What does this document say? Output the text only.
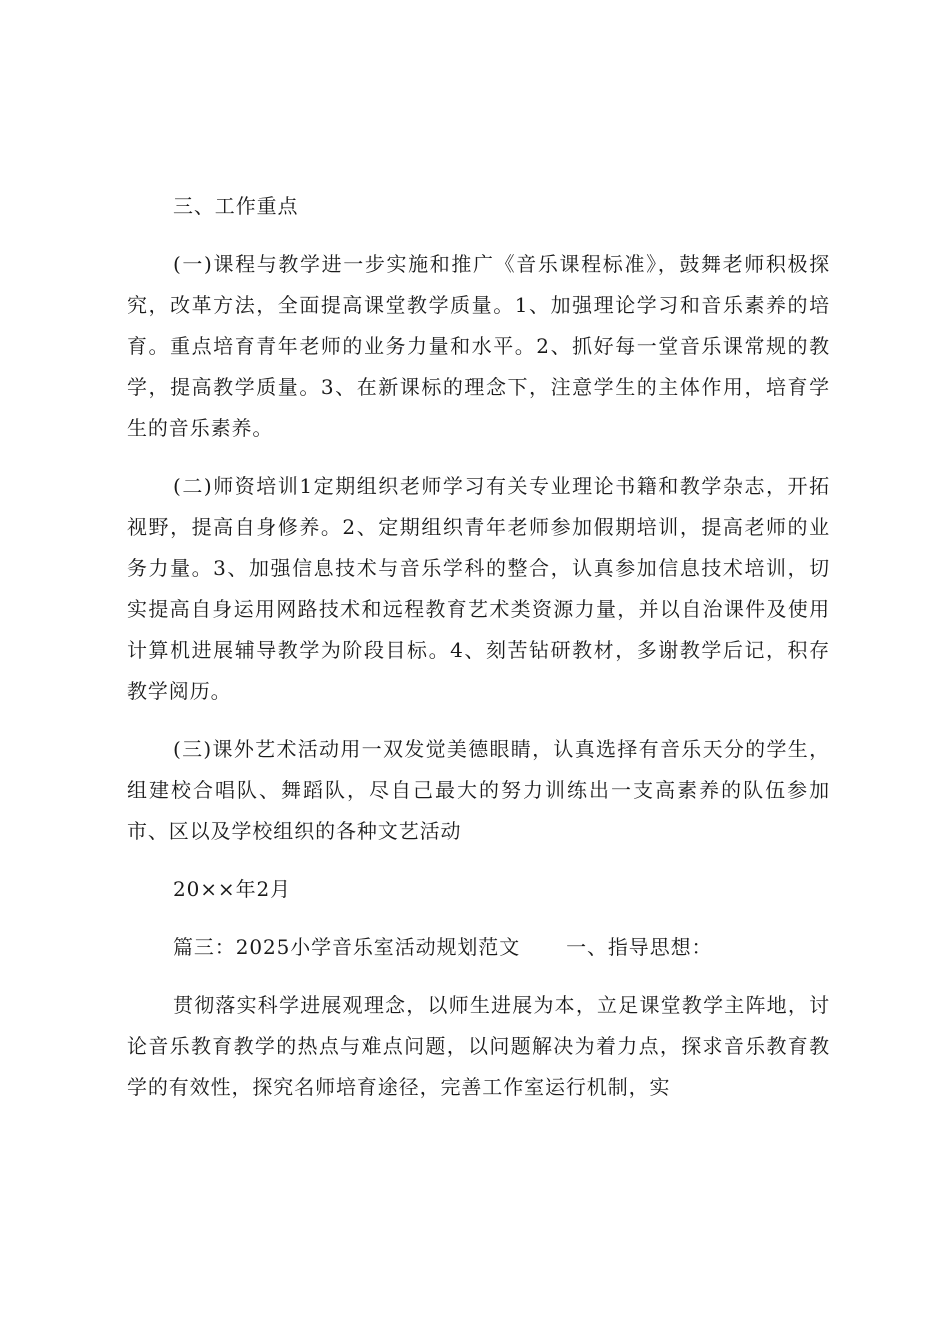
三、工作重点

(一)课程与教学进一步实施和推广《音乐课程标准》，鼓舞老师积极探究，改革方法，全面提高课堂教学质量。1、加强理论学习和音乐素养的培育。重点培育青年老师的业务力量和水平。2、抓好每一堂音乐课常规的教学，提高教学质量。3、在新课标的理念下，注意学生的主体作用，培育学生的音乐素养。

(二)师资培训1定期组织老师学习有关专业理论书籍和教学杂志，开拓视野，提高自身修养。2、定期组织青年老师参加假期培训，提高老师的业务力量。3、加强信息技术与音乐学科的整合，认真参加信息技术培训，切实提高自身运用网路技术和远程教育艺术类资源力量，并以自治课件及使用计算机进展辅导教学为阶段目标。4、刻苦钻研教材，多谢教学后记，积存教学阅历。

(三)课外艺术活动用一双发觉美德眼睛，认真选择有音乐天分的学生，组建校合唱队、舞蹈队，尽自己最大的努力训练出一支高素养的队伍参加市、区以及学校组织的各种文艺活动

20××年2月

篇三：2025小学音乐室活动规划范文 一、指导思想：

贯彻落实科学进展观理念，以师生进展为本，立足课堂教学主阵地，讨论音乐教育教学的热点与难点问题，以问题解决为着力点，探求音乐教育教学的有效性，探究名师培育途径，完善工作室运行机制，实
